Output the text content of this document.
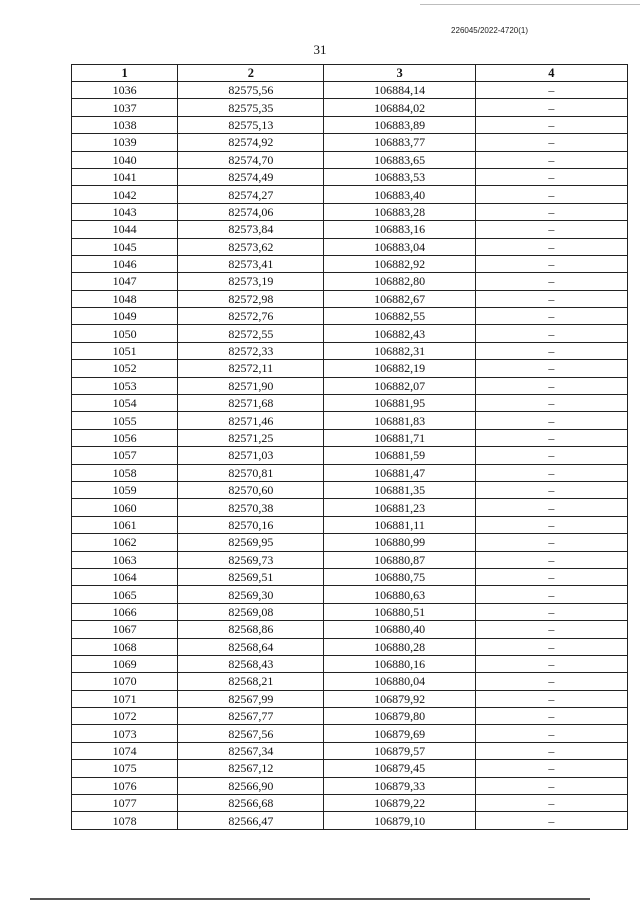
226045/2022-4720(1)
31
1	2	3	4
1036	82575,56	106884,14	–
1037	82575,35	106884,02	–
1038	82575,13	106883,89	–
1039	82574,92	106883,77	–
1040	82574,70	106883,65	–
1041	82574,49	106883,53	–
1042	82574,27	106883,40	–
1043	82574,06	106883,28	–
1044	82573,84	106883,16	–
1045	82573,62	106883,04	–
1046	82573,41	106882,92	–
1047	82573,19	106882,80	–
1048	82572,98	106882,67	–
1049	82572,76	106882,55	–
1050	82572,55	106882,43	–
1051	82572,33	106882,31	–
1052	82572,11	106882,19	–
1053	82571,90	106882,07	–
1054	82571,68	106881,95	–
1055	82571,46	106881,83	–
1056	82571,25	106881,71	–
1057	82571,03	106881,59	–
1058	82570,81	106881,47	–
1059	82570,60	106881,35	–
1060	82570,38	106881,23	–
1061	82570,16	106881,11	–
1062	82569,95	106880,99	–
1063	82569,73	106880,87	–
1064	82569,51	106880,75	–
1065	82569,30	106880,63	–
1066	82569,08	106880,51	–
1067	82568,86	106880,40	–
1068	82568,64	106880,28	–
1069	82568,43	106880,16	–
1070	82568,21	106880,04	–
1071	82567,99	106879,92	–
1072	82567,77	106879,80	–
1073	82567,56	106879,69	–
1074	82567,34	106879,57	–
1075	82567,12	106879,45	–
1076	82566,90	106879,33	–
1077	82566,68	106879,22	–
1078	82566,47	106879,10	–
